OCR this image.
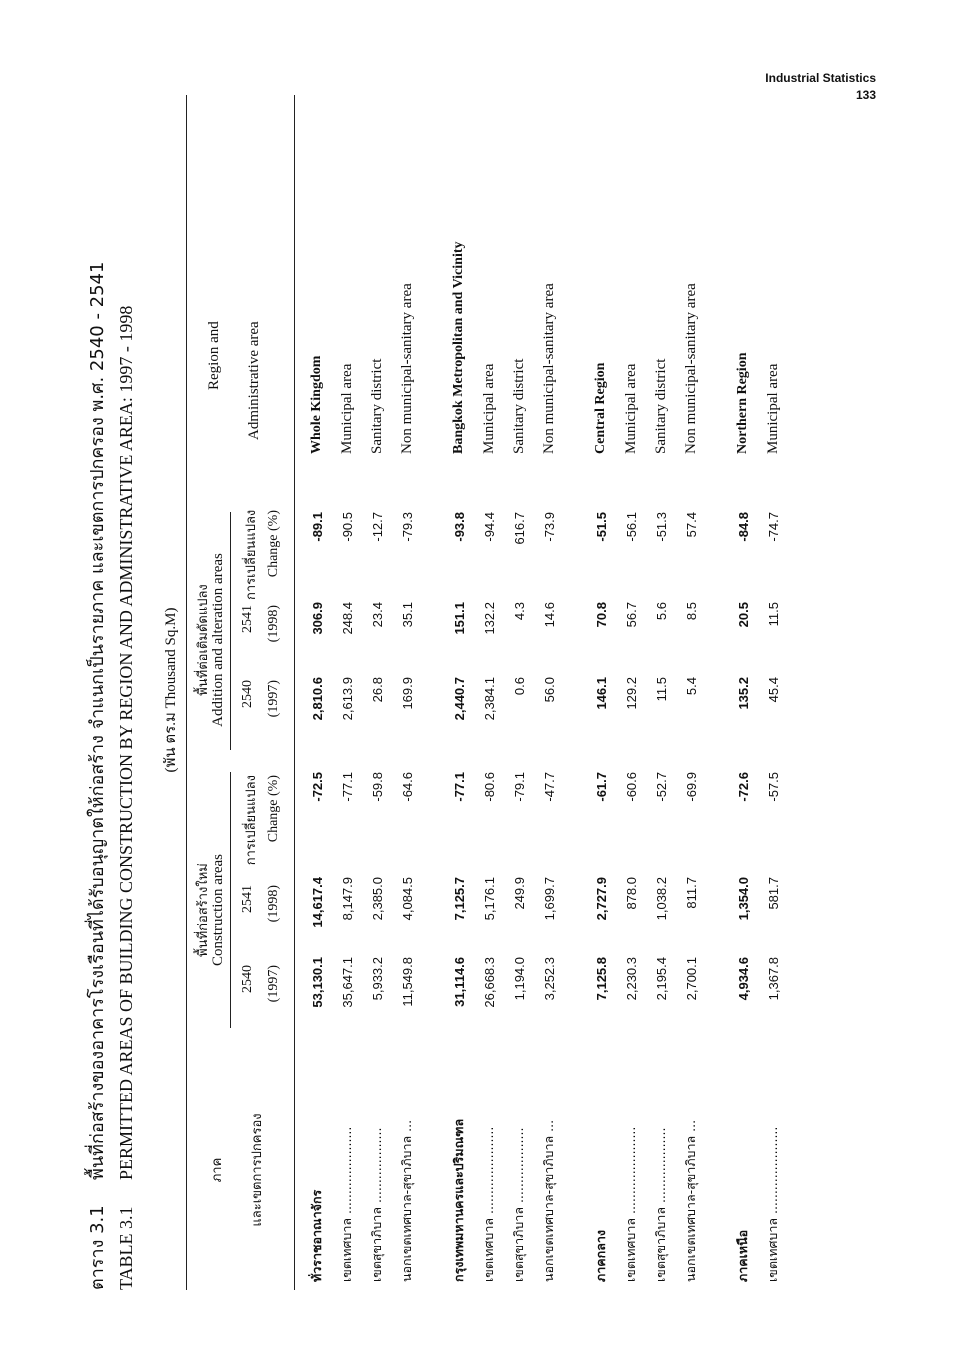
Industrial Statistics
133
ตาราง 3.1
พื้นที่ก่อสร้างของอาคารโรงเรือนที่ได้รับอนุญาตให้ก่อสร้าง จำแนกเป็นรายภาค และเขตการปกครอง พ.ศ. 2540 - 2541
TABLE 3.1
PERMITTED AREAS OF BUILDING CONSTRUCTION BY REGION AND ADMINISTRATIVE AREA: 1997 - 1998	(พัน ตร.ม Thousand Sq.M)
ภาค	และเขตการปกครอง
พื้นที่ก่อสร้างใหม่ Construction areas
พื้นที่ต่อเติมดัดแปลง Addition and alteration areas
2540 (1997)
2541 (1998)
การเปลี่ยนแปลง Change (%)
2540 (1997)
2541 (1998)
การเปลี่ยนแปลง Change (%)
Region and Administrative area
ทั่วราชอาณาจักร	53,130.1	14,617.4	-72.5	2,810.6	306.9	-89.1	Whole Kingdom
เขตเทศบาล ......................	35,647.1	8,147.9	-77.1	2,613.9	248.4	-90.5	Municipal area
เขตสุขาภิบาล ...................	5,933.2	2,385.0	-59.8	26.8	23.4	-12.7	Sanitary district
นอกเขตเทศบาล-สุขาภิบาล ...	11,549.8	4,084.5	-64.6	169.9	35.1	-79.3	Non municipal-sanitary area

กรุงเทพมหานครและปริมณฑล	31,114.6	7,125.7	-77.1	2,440.7	151.1	-93.8	Bangkok Metropolitan and Vicinity
เขตเทศบาล ......................	26,668.3	5,176.1	-80.6	2,384.1	132.2	-94.4	Municipal area
เขตสุขาภิบาล ...................	1,194.0	249.9	-79.1	0.6	4.3	616.7	Sanitary district
นอกเขตเทศบาล-สุขาภิบาล ...	3,252.3	1,699.7	-47.7	56.0	14.6	-73.9	Non municipal-sanitary area

ภาคกลาง	7,125.8	2,727.9	-61.7	146.1	70.8	-51.5	Central Region
เขตเทศบาล ......................	2,230.3	878.0	-60.6	129.2	56.7	-56.1	Municipal area
เขตสุขาภิบาล ...................	2,195.4	1,038.2	-52.7	11.5	5.6	-51.3	Sanitary district
นอกเขตเทศบาล-สุขาภิบาล ...	2,700.1	811.7	-69.9	5.4	8.5	57.4	Non municipal-sanitary area

ภาคเหนือ	4,934.6	1,354.0	-72.6	135.2	20.5	-84.8	Northern Region
เขตเทศบาล ......................	1,367.8	581.7	-57.5	45.4	11.5	-74.7	Municipal area
